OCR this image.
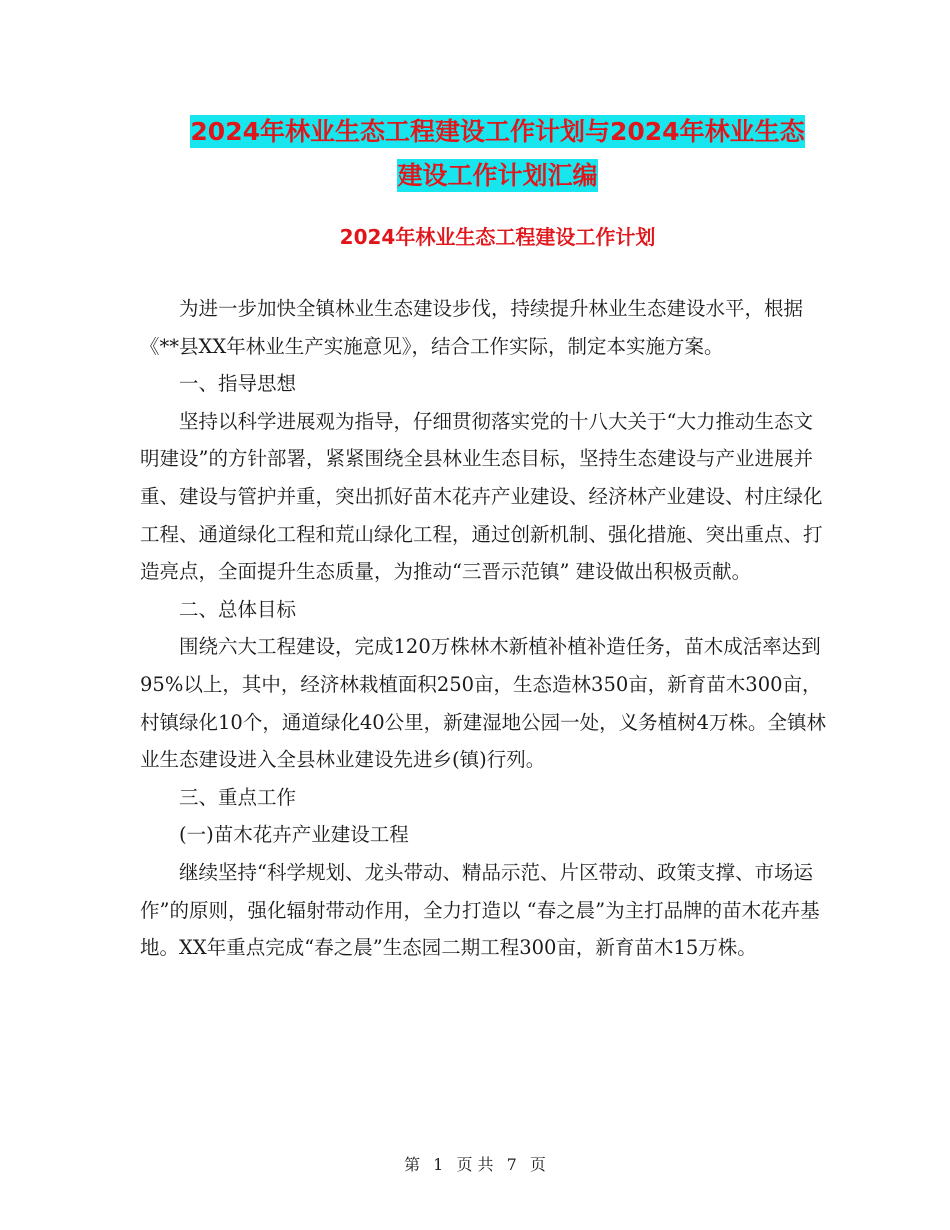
2024年林业生态工程建设工作计划与2024年林业生态
建设工作计划汇编
2024年林业生态工程建设工作计划

为进一步加快全镇林业生态建设步伐，持续提升林业生态建设水平，根据《**县XX年林业生产实施意见》，结合工作实际，制定本实施方案。

一、指导思想

坚持以科学进展观为指导，仔细贯彻落实党的十八大关于“大力推动生态文明建设”的方针部署，紧紧围绕全县林业生态目标，坚持生态建设与产业进展并重、建设与管护并重，突出抓好苗木花卉产业建设、经济林产业建设、村庄绿化工程、通道绿化工程和荒山绿化工程，通过创新机制、强化措施、突出重点、打造亮点，全面提升生态质量，为推动“三晋示范镇” 建设做出积极贡献。

二、总体目标

围绕六大工程建设，完成120万株林木新植补植补造任务，苗木成活率达到95%以上，其中，经济林栽植面积250亩，生态造林350亩，新育苗木300亩，村镇绿化10个，通道绿化40公里，新建湿地公园一处，义务植树4万株。全镇林业生态建设进入全县林业建设先进乡(镇)行列。

三、重点工作

(一)苗木花卉产业建设工程

继续坚持“科学规划、龙头带动、精品示范、片区带动、政策支撑、市场运作”的原则，强化辐射带动作用，全力打造以 “春之晨”为主打品牌的苗木花卉基地。XX年重点完成“春之晨”生态园二期工程300亩，新育苗木15万株。

第 1 页 共 7 页
